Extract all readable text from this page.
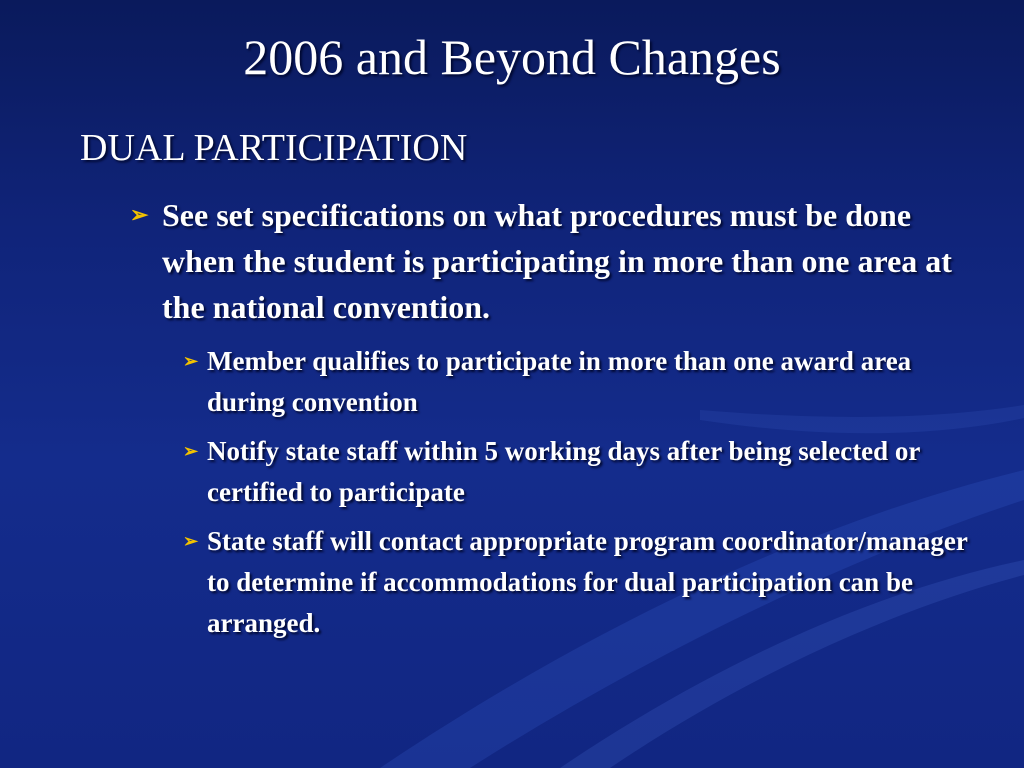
2006 and Beyond Changes
DUAL PARTICIPATION
➢ See set specifications on what procedures must be done when the student is participating in more than one area at the national convention.
➢ Member qualifies to participate in more than one award area during convention
➢ Notify state staff within 5 working days after being selected or certified to participate
➢ State staff will contact appropriate program coordinator/manager to determine if accommodations for dual participation can be arranged.
